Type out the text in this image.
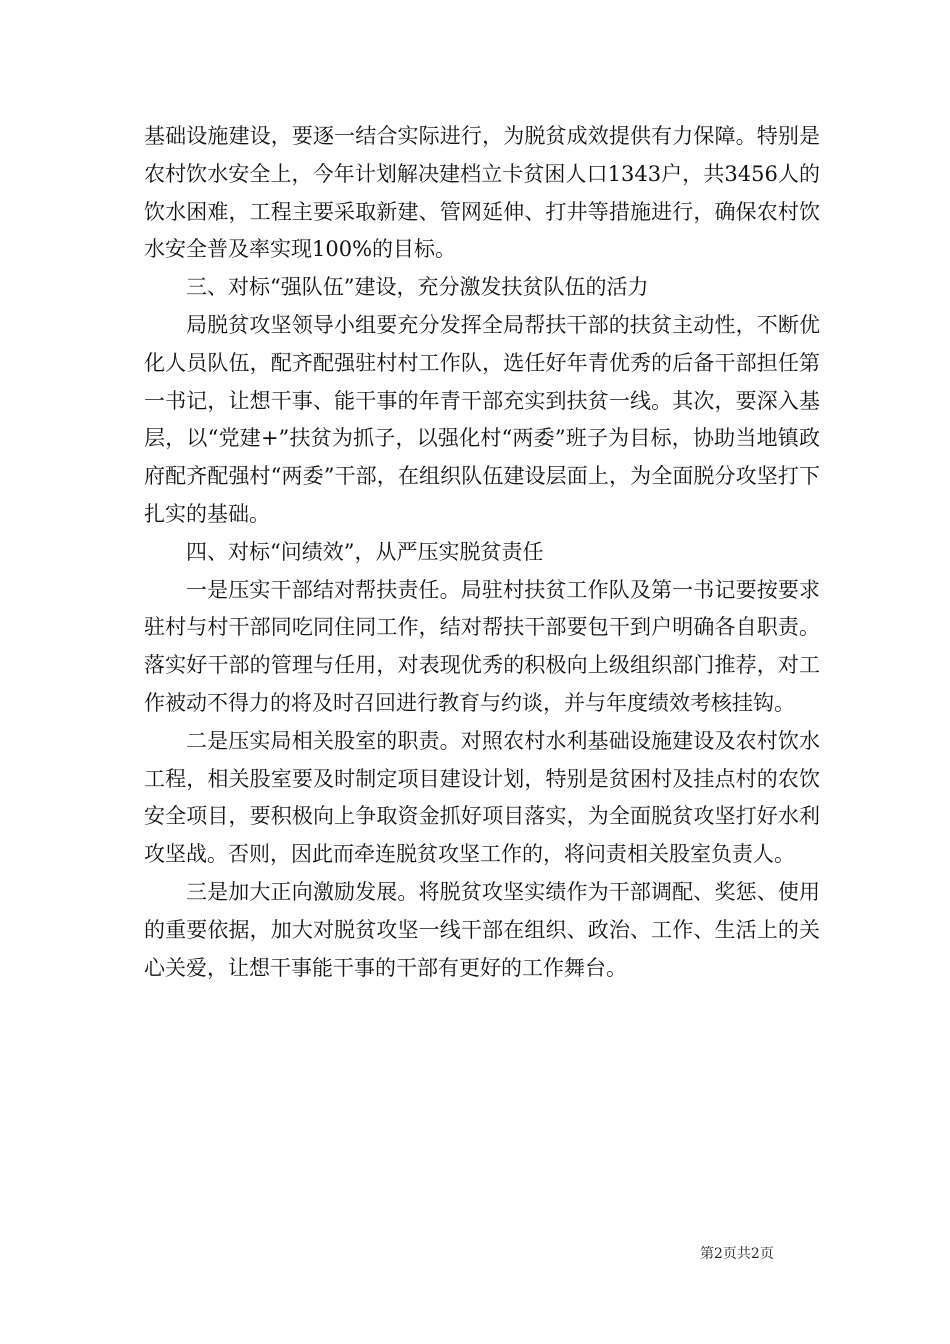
基础设施建设，要逐一结合实际进行，为脱贫成效提供有力保障。特别是农村饮水安全上，今年计划解决建档立卡贫困人口1343户，共3456人的饮水困难，工程主要采取新建、管网延伸、打井等措施进行，确保农村饮水安全普及率实现100%的目标。

三、对标“强队伍”建设，充分激发扶贫队伍的活力

局脱贫攻坚领导小组要充分发挥全局帮扶干部的扶贫主动性，不断优化人员队伍，配齐配强驻村村工作队，选任好年青优秀的后备干部担任第一书记，让想干事、能干事的年青干部充实到扶贫一线。其次，要深入基层，以“党建+”扶贫为抓子，以强化村“两委”班子为目标，协助当地镇政府配齐配强村“两委”干部，在组织队伍建设层面上，为全面脱分攻坚打下扎实的基础。

四、对标“问绩效”，从严压实脱贫责任

一是压实干部结对帮扶责任。局驻村扶贫工作队及第一书记要按要求驻村与村干部同吃同住同工作，结对帮扶干部要包干到户明确各自职责。落实好干部的管理与任用，对表现优秀的积极向上级组织部门推荐，对工作被动不得力的将及时召回进行教育与约谈，并与年度绩效考核挂钩。

二是压实局相关股室的职责。对照农村水利基础设施建设及农村饮水工程，相关股室要及时制定项目建设计划，特别是贫困村及挂点村的农饮安全项目，要积极向上争取资金抓好项目落实，为全面脱贫攻坚打好水利攻坚战。否则，因此而牵连脱贫攻坚工作的，将问责相关股室负责人。

三是加大正向激励发展。将脱贫攻坚实绩作为干部调配、奖惩、使用的重要依据，加大对脱贫攻坚一线干部在组织、政治、工作、生活上的关心关爱，让想干事能干事的干部有更好的工作舞台。

第2页共2页
